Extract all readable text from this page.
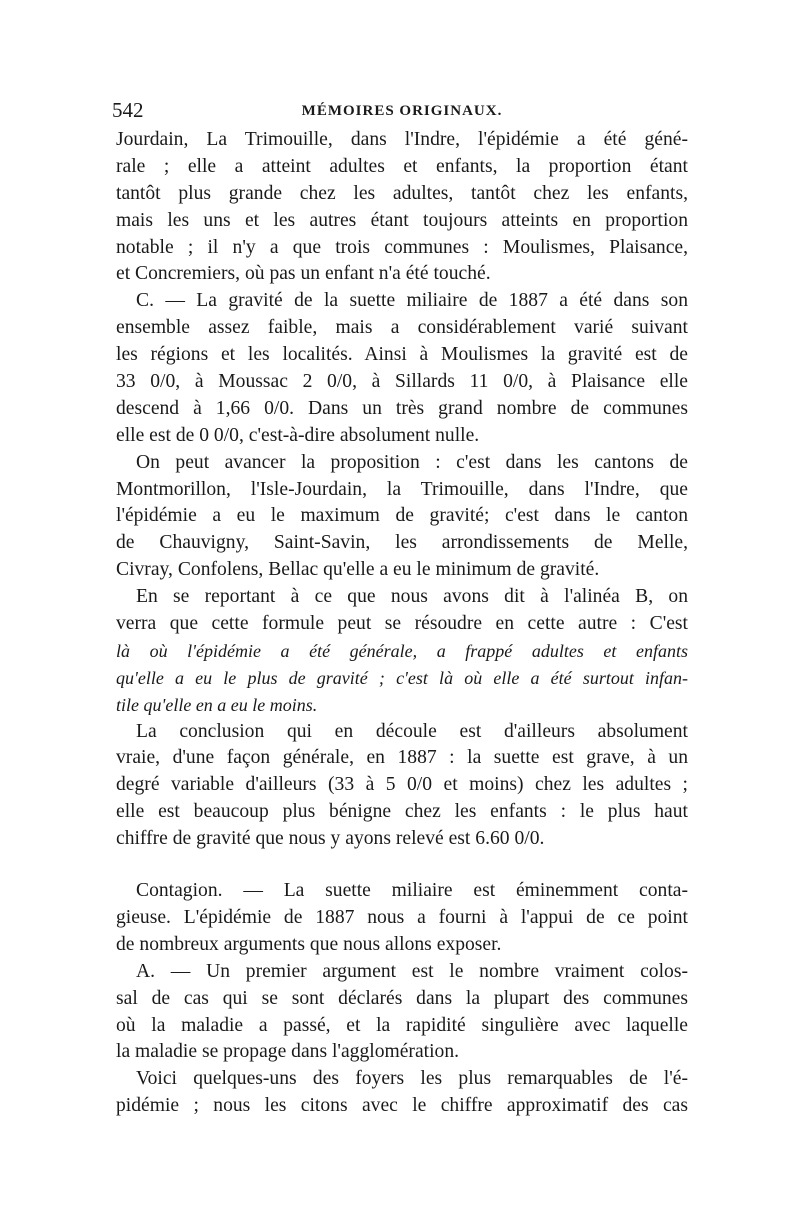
542	MÉMOIRES ORIGINAUX.
Jourdain, La Trimouille, dans l'Indre, l'épidémie a été géné-
rale ; elle a atteint adultes et enfants, la proportion étant
tantôt plus grande chez les adultes, tantôt chez les enfants,
mais les uns et les autres étant toujours atteints en proportion
notable ; il n'y a que trois communes : Moulismes, Plaisance,
et Concremiers, où pas un enfant n'a été touché.
C. — La gravité de la suette miliaire de 1887 a été dans son
ensemble assez faible, mais a considérablement varié suivant
les régions et les localités. Ainsi à Moulismes la gravité est de
33 0/0, à Moussac 2 0/0, à Sillards 11 0/0, à Plaisance elle
descend à 1,66 0/0. Dans un très grand nombre de communes
elle est de 0 0/0, c'est-à-dire absolument nulle.
On peut avancer la proposition : c'est dans les cantons de
Montmorillon, l'Isle-Jourdain, la Trimouille, dans l'Indre, que
l'épidémie a eu le maximum de gravité; c'est dans le canton
de Chauvigny, Saint-Savin, les arrondissements de Melle,
Civray, Confolens, Bellac qu'elle a eu le minimum de gravité.
En se reportant à ce que nous avons dit à l'alinéa B, on
verra que cette formule peut se résoudre en cette autre : C'est
là où l'épidémie a été générale, a frappé adultes et enfants
qu'elle a eu le plus de gravité ; c'est là où elle a été surtout infan-
tile qu'elle en a eu le moins.
La conclusion qui en découle est d'ailleurs absolument
vraie, d'une façon générale, en 1887 : la suette est grave, à un
degré variable d'ailleurs (33 à 5 0/0 et moins) chez les adultes ;
elle est beaucoup plus bénigne chez les enfants : le plus haut
chiffre de gravité que nous y ayons relevé est 6.60 0/0.
Contagion. — La suette miliaire est éminemment conta-
gieuse. L'épidémie de 1887 nous a fourni à l'appui de ce point
de nombreux arguments que nous allons exposer.
A. — Un premier argument est le nombre vraiment colos-
sal de cas qui se sont déclarés dans la plupart des communes
où la maladie a passé, et la rapidité singulière avec laquelle
la maladie se propage dans l'agglomération.
Voici quelques-uns des foyers les plus remarquables de l'é-
pidémie ; nous les citons avec le chiffre approximatif des cas
